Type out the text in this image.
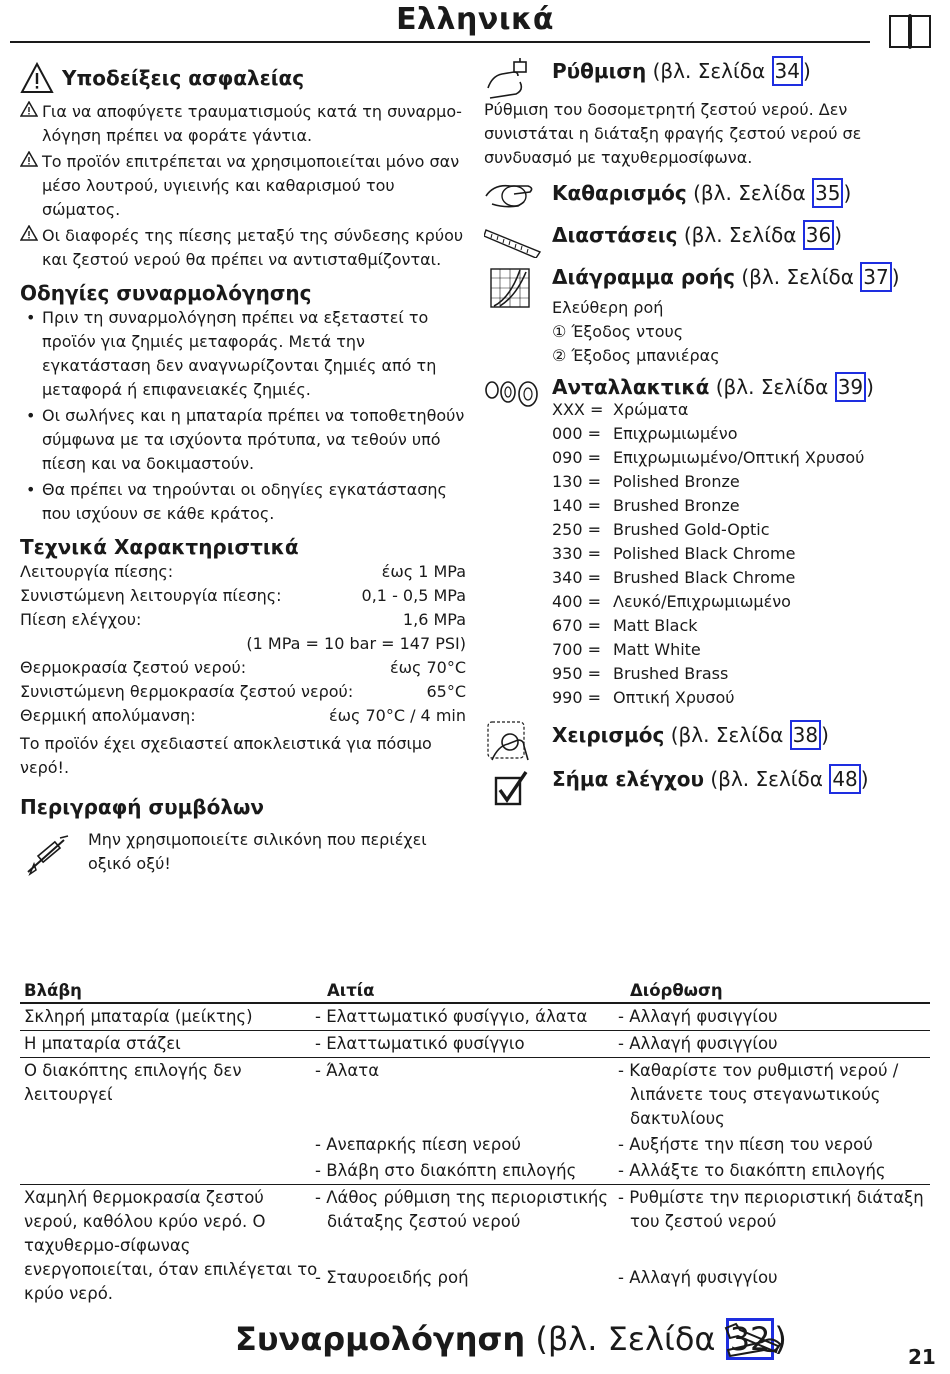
Ελληνικά
Υποδείξεις ασφαλείας
Για να αποφύγετε τραυματισμούς κατά τη συναρμο-λόγηση πρέπει να φοράτε γάντια.
Το προϊόν επιτρέπεται να χρησιμοποιείται μόνο σαν μέσο λουτρού, υγιεινής και καθαρισμού του σώματος.
Οι διαφορές της πίεσης μεταξύ της σύνδεσης κρύου και ζεστού νερού θα πρέπει να αντισταθμίζονται.
Οδηγίες συναρμολόγησης
• Πριν τη συναρμολόγηση πρέπει να εξεταστεί το προϊόν για ζημιές μεταφοράς. Μετά την εγκατάσταση δεν αναγνωρίζονται ζημιές από τη μεταφορά ή επιφανειακές ζημιές.
• Οι σωλήνες και η μπαταρία πρέπει να τοποθετηθούν σύμφωνα με τα ισχύοντα πρότυπα, να τεθούν υπό πίεση και να δοκιμαστούν.
• Θα πρέπει να τηρούνται οι οδηγίες εγκατάστασης που ισχύουν σε κάθε κράτος.
Τεχνικά Χαρακτηριστικά
Λειτουργία πίεσης:	έως 1 MPa
Συνιστώμενη λειτουργία πίεσης:	0,1 - 0,5 MPa
Πίεση ελέγχου:	1,6 MPa
(1 MPa = 10 bar = 147 PSI)
Θερμοκρασία ζεστού νερού:	έως 70°C
Συνιστώμενη θερμοκρασία ζεστού νερού:	65°C
Θερμική απολύμανση:	έως 70°C / 4 min

Το προϊόν έχει σχεδιαστεί αποκλειστικά για πόσιμο νερό!.

Περιγραφή συμβόλων
Μην χρησιμοποιείτε σιλικόνη που περιέχει οξικό οξύ!
Ρύθμιση (βλ. Σελίδα 34 )
Ρύθμιση του δοσομετρητή ζεστού νερού. Δεν συνιστάται η διάταξη φραγής ζεστού νερού σε συνδυασμό με ταχυθερμοσίφωνα.
Καθαρισμός (βλ. Σελίδα 35 )
Διαστάσεις (βλ. Σελίδα 36 )
Διάγραμμα ροής (βλ. Σελίδα 37 )
Ελεύθερη ροή
① Έξοδος ντους
② Έξοδος μπανιέρας
Ανταλλακτικά (βλ. Σελίδα 39 )
XXX = Χρώματα
000 = Επιχρωμιωμένο
090 = Επιχρωμιωμένο/Οπτική Χρυσού
130 = Polished Bronze
140 = Brushed Bronze
250 = Brushed Gold-Optic
330 = Polished Black Chrome
340 = Brushed Black Chrome
400 = Λευκό/Επιχρωμιωμένο
670 = Matt Black
700 = Matt White
950 = Brushed Brass
990 = Οπτική Χρυσού
Χειρισμός (βλ. Σελίδα 38 )
Σήμα ελέγχου (βλ. Σελίδα 48 )
Βλάβη	Αιτία	Διόρθωση
Σκληρή μπαταρία (μείκτης)	- Ελαττωματικό φυσίγγιο, άλατα	- Αλλαγή φυσιγγίου
Η μπαταρία στάζει	- Ελαττωματικό φυσίγγιο	- Αλλαγή φυσιγγίου
Ο διακόπτης επιλογής δεν λειτουργεί	- Άλατα	- Καθαρίστε τον ρυθμιστή νερού / λιπάνετε τους στεγανωτικούς δακτυλίους
	- Ανεπαρκής πίεση νερού	- Αυξήστε την πίεση του νερού
	- Βλάβη στο διακόπτη επιλογής	- Αλλάξτε το διακόπτη επιλογής
Χαμηλή θερμοκρασία ζεστού νερού, καθόλου κρύο νερό. Ο ταχυθερμο-σίφωνας ενεργοποιείται, όταν επιλέγεται το κρύο νερό.	- Λάθος ρύθμιση της περιοριστικής διάταξης ζεστού νερού	- Ρυθμίστε την περιοριστική διάταξη του ζεστού νερού
	- Σταυροειδής ροή	- Αλλαγή φυσιγγίου
Συναρμολόγηση (βλ. Σελίδα 32 )	21
